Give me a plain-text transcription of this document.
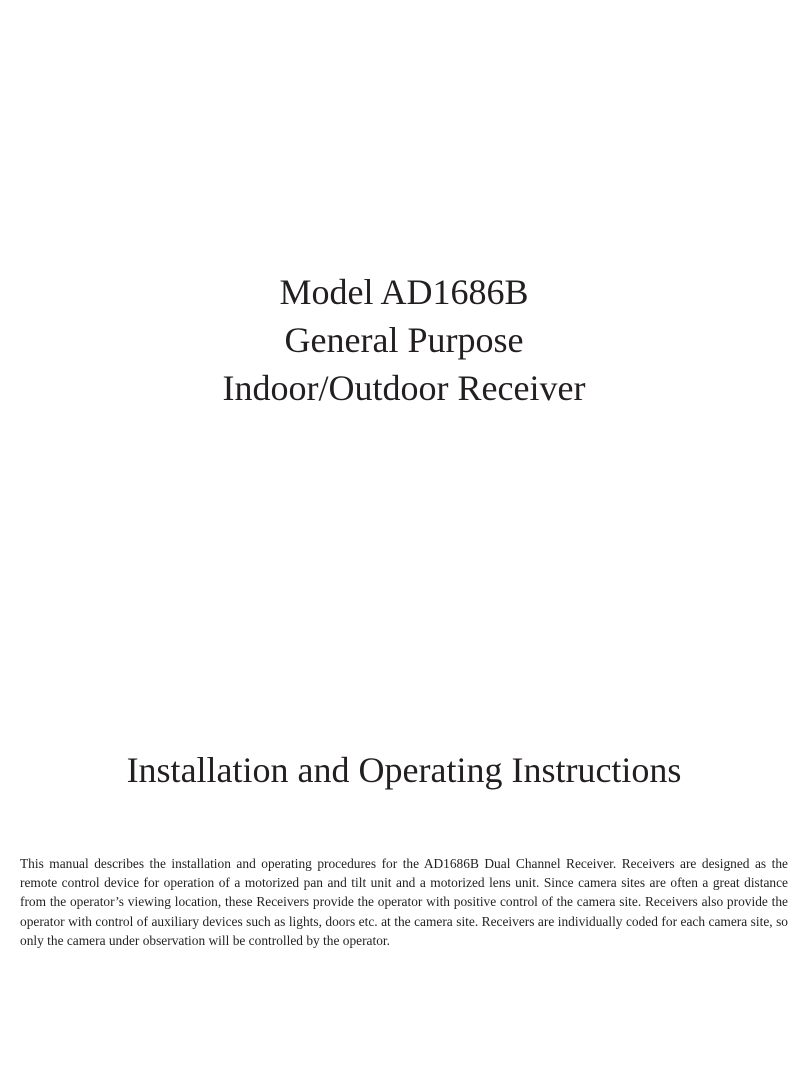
Model AD1686B
General Purpose
Indoor/Outdoor Receiver
Installation and Operating Instructions

This manual describes the installation and operating procedures for the AD1686B Dual Channel Receiver. Receivers are designed as the remote control device for operation of a motorized pan and tilt unit and a motorized lens unit. Since camera sites are often a great distance from the operator’s viewing location, these Receivers provide the operator with positive control of the camera site. Receivers also provide the operator with control of auxiliary devices such as lights, doors etc. at the camera site. Receivers are individually coded for each camera site, so only the camera under observation will be controlled by the operator.
